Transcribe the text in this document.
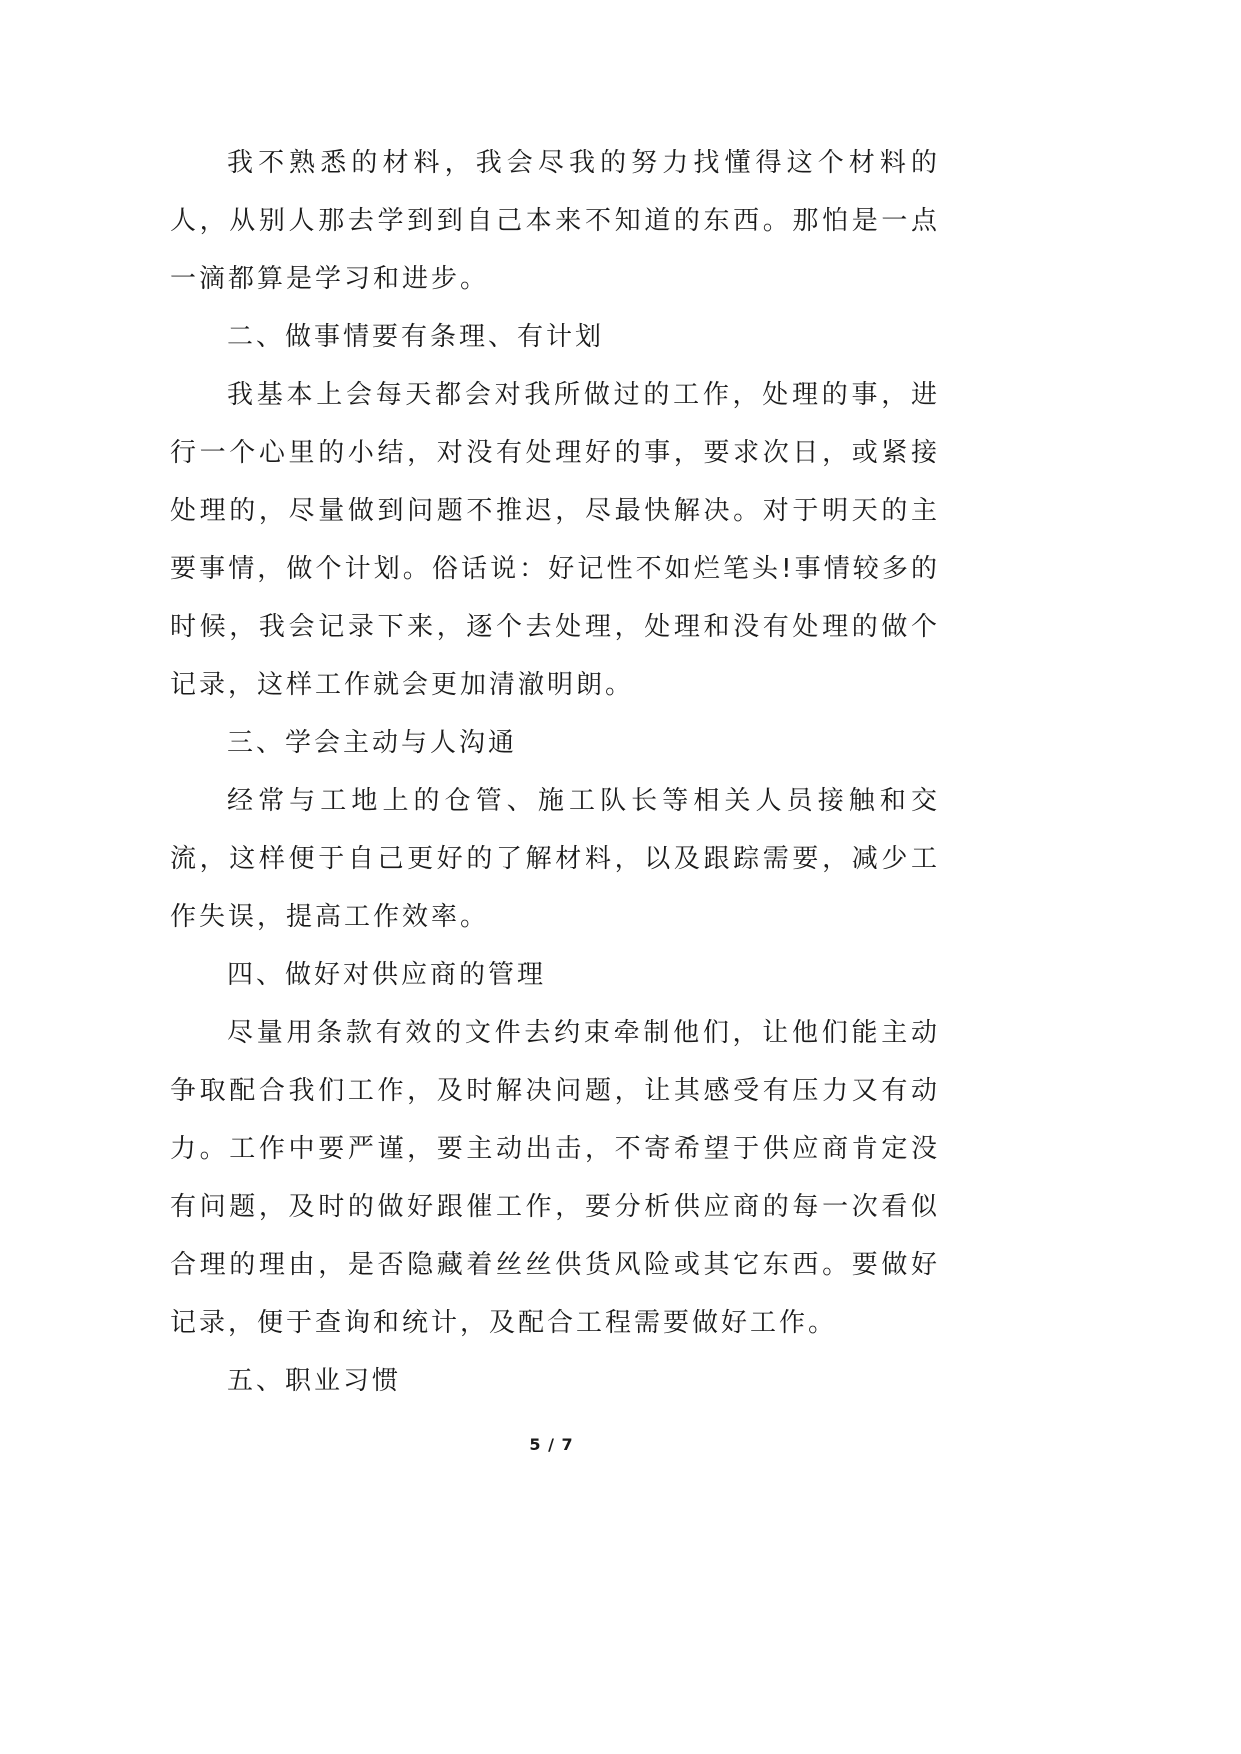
我不熟悉的材料，我会尽我的努力找懂得这个材料的人，从别人那去学到到自己本来不知道的东西。那怕是一点一滴都算是学习和进步。

二、做事情要有条理、有计划

我基本上会每天都会对我所做过的工作，处理的事，进行一个心里的小结，对没有处理好的事，要求次日，或紧接处理的，尽量做到问题不推迟，尽最快解决。对于明天的主要事情，做个计划。俗话说：好记性不如烂笔头!事情较多的时候，我会记录下来，逐个去处理，处理和没有处理的做个记录，这样工作就会更加清澈明朗。

三、学会主动与人沟通

经常与工地上的仓管、施工队长等相关人员接触和交流，这样便于自己更好的了解材料，以及跟踪需要，减少工作失误，提高工作效率。

四、做好对供应商的管理

尽量用条款有效的文件去约束牵制他们，让他们能主动争取配合我们工作，及时解决问题，让其感受有压力又有动力。工作中要严谨，要主动出击，不寄希望于供应商肯定没有问题，及时的做好跟催工作，要分析供应商的每一次看似合理的理由，是否隐藏着丝丝供货风险或其它东西。要做好记录，便于查询和统计，及配合工程需要做好工作。

五、职业习惯

5 / 7
